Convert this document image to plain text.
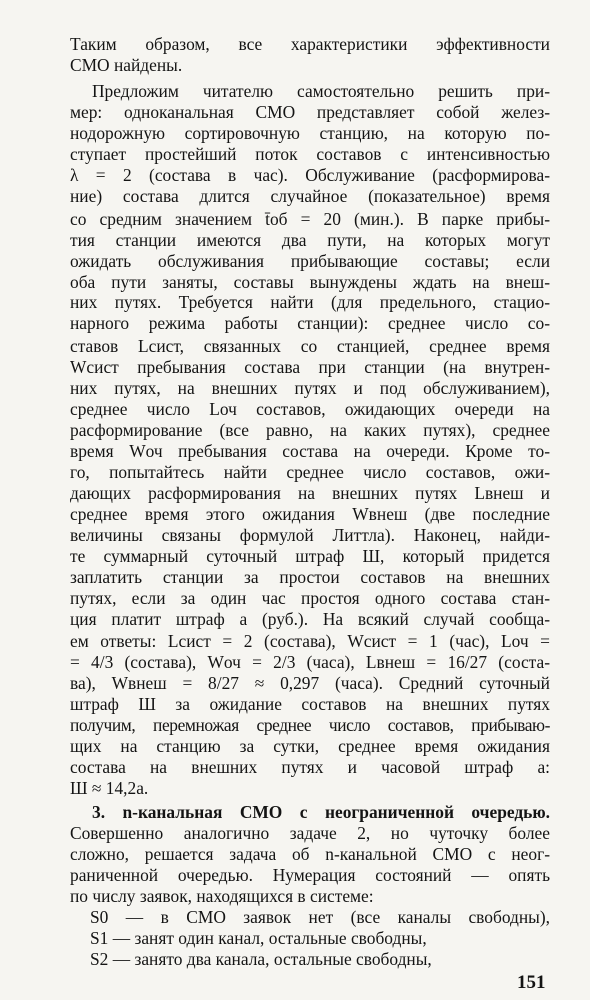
Таким образом, все характеристики эффективности
СМО найдены.
Предложим читателю самостоятельно решить при-
мер: одноканальная СМО представляет собой желез-
нодорожную сортировочную станцию, на которую по-
ступает простейший поток составов с интенсивностью
λ = 2 (состава в час). Обслуживание (расформирова-
ние) состава длится случайное (показательное) время
со средним значением t̄об = 20 (мин.). В парке прибы-
тия станции имеются два пути, на которых могут
ожидать обслуживания прибывающие составы; если
оба пути заняты, составы вынуждены ждать на внеш-
них путях. Требуется найти (для предельного, стацио-
нарного режима работы станции): среднее число со-
ставов Lсист, связанных со станцией, среднее время
Wсист пребывания состава при станции (на внутрен-
них путях, на внешних путях и под обслуживанием),
среднее число Lоч составов, ожидающих очереди на
расформирование (все равно, на каких путях), среднее
время Wоч пребывания состава на очереди. Кроме то-
го, попытайтесь найти среднее число составов, ожи-
дающих расформирования на внешних путях Lвнеш и
среднее время этого ожидания Wвнеш (две последние
величины связаны формулой Литтла). Наконец, найди-
те суммарный суточный штраф Ш, который придется
заплатить станции за простои составов на внешних
путях, если за один час простоя одного состава стан-
ция платит штраф a (руб.). На всякий случай сообща-
ем ответы: Lсист = 2 (состава), Wсист = 1 (час), Lоч =
= 4/3 (состава), Wоч = 2/3 (часа), Lвнеш = 16/27 (соста-
ва), Wвнеш = 8/27 ≈ 0,297 (часа). Средний суточный
штраф Ш за ожидание составов на внешних путях
получим, перемножая среднее число составов, прибываю-
щих на станцию за сутки, среднее время ожидания
состава на внешних путях и часовой штраф a:
Ш ≈ 14,2a.
3. n-канальная СМО с неограниченной очередью.
Совершенно аналогично задаче 2, но чуточку более
сложно, решается задача об n-канальной СМО с неог-
раниченной очередью. Нумерация состояний — опять
по числу заявок, находящихся в системе:
S0 — в СМО заявок нет (все каналы свободны),
S1 — занят один канал, остальные свободны,
S2 — занято два канала, остальные свободны,
151
